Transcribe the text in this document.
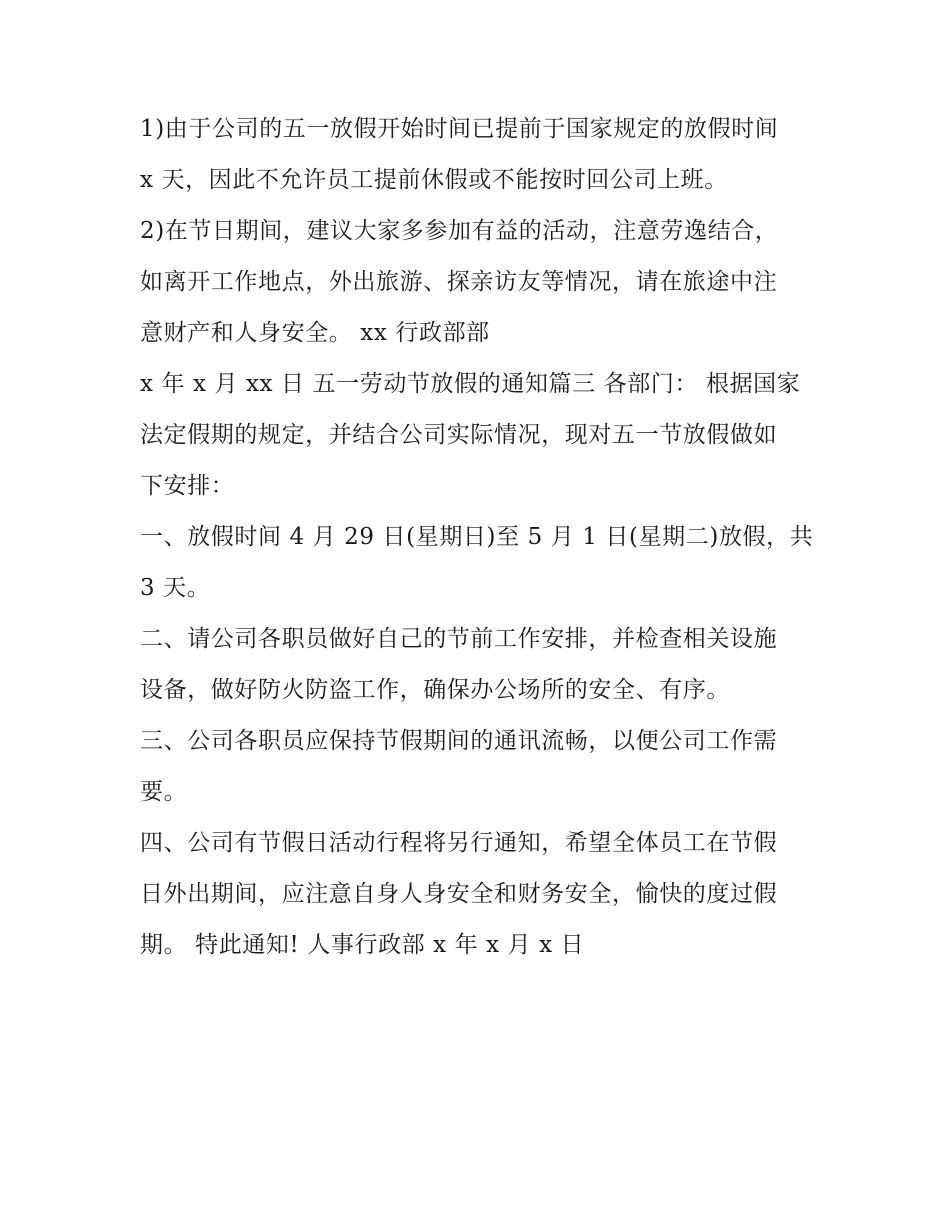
1)由于公司的五一放假开始时间已提前于国家规定的放假时间
x 天，因此不允许员工提前休假或不能按时回公司上班。
2)在节日期间，建议大家多参加有益的活动，注意劳逸结合，
如离开工作地点，外出旅游、探亲访友等情况，请在旅途中注
意财产和人身安全。 xx 行政部部
x 年 x 月 xx 日 五一劳动节放假的通知篇三 各部门： 根据国家
法定假期的规定，并结合公司实际情况，现对五一节放假做如
下安排：
一、放假时间 4 月 29 日(星期日)至 5 月 1 日(星期二)放假，共
3 天。
二、请公司各职员做好自己的节前工作安排，并检查相关设施
设备，做好防火防盗工作，确保办公场所的安全、有序。
三、公司各职员应保持节假期间的通讯流畅，以便公司工作需
要。
四、公司有节假日活动行程将另行通知，希望全体员工在节假
日外出期间，应注意自身人身安全和财务安全，愉快的度过假
期。 特此通知! 人事行政部 x 年 x 月 x 日
